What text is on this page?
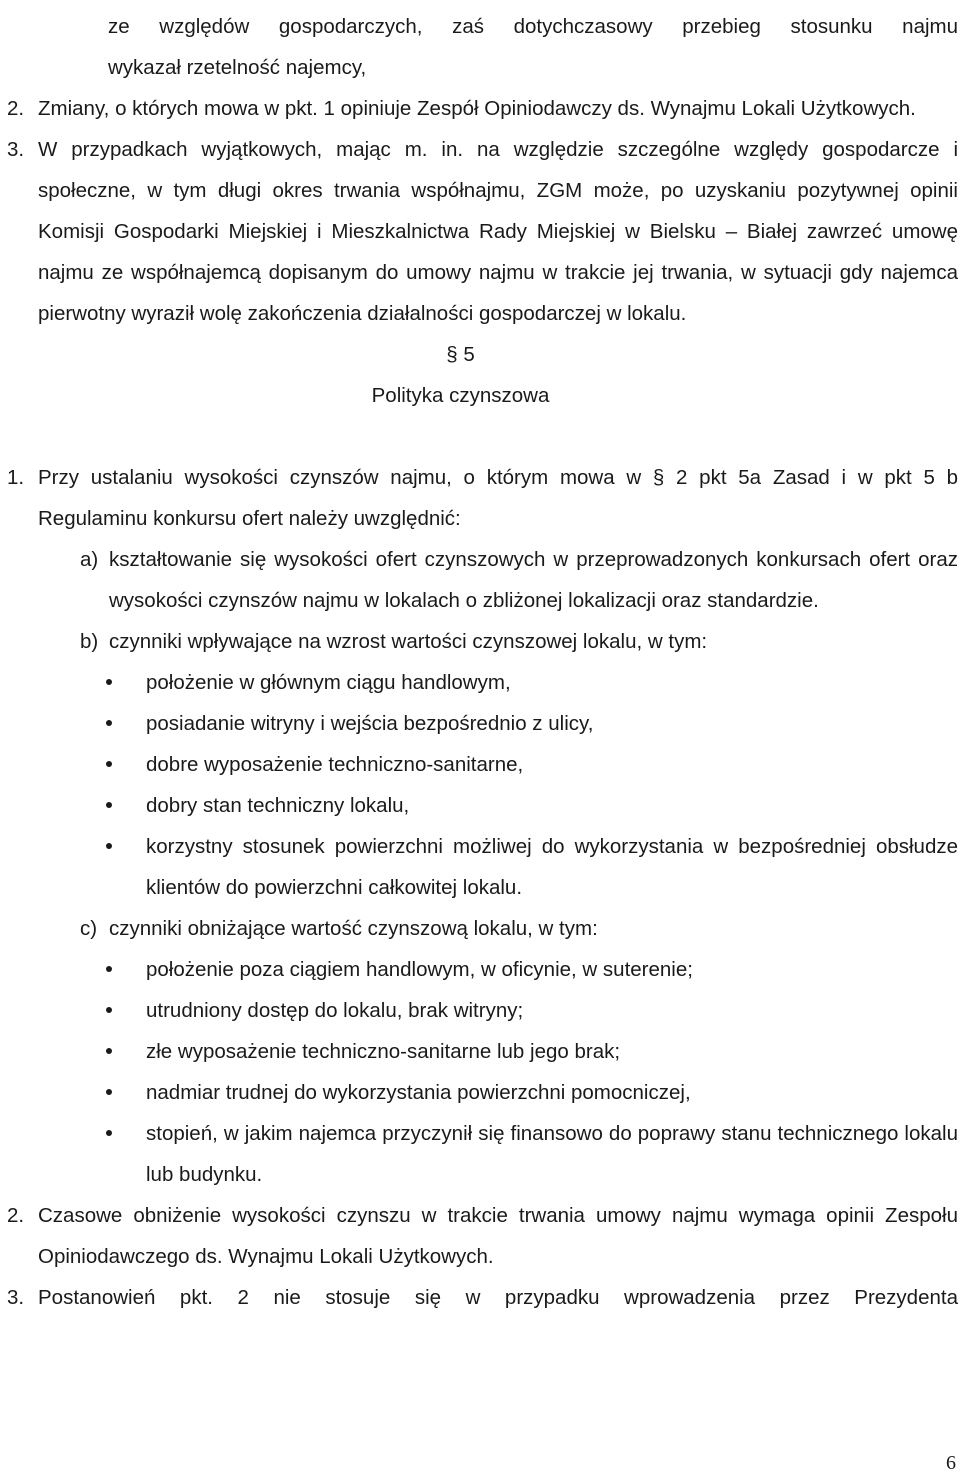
ze względów gospodarczych, zaś dotychczasowy przebieg stosunku najmu
wykazał rzetelność najemcy,
2. Zmiany, o których mowa w pkt. 1 opiniuje Zespół Opiniodawczy ds. Wynajmu Lokali Użytkowych.
3. W przypadkach wyjątkowych, mając m. in. na względzie szczególne względy gospodarcze i społeczne, w tym długi okres trwania współnajmu, ZGM może, po uzyskaniu pozytywnej opinii Komisji Gospodarki Miejskiej i Mieszkalnictwa Rady Miejskiej w Bielsku – Białej zawrzeć umowę najmu ze współnajemcą dopisanym do umowy najmu w trakcie jej trwania, w sytuacji gdy najemca pierwotny wyraził wolę zakończenia działalności gospodarczej w lokalu.
§ 5
Polityka czynszowa
1. Przy ustalaniu wysokości czynszów najmu, o którym mowa w § 2 pkt 5a Zasad i w pkt 5 b Regulaminu konkursu ofert należy uwzględnić:
a) kształtowanie się wysokości ofert czynszowych w przeprowadzonych konkursach ofert oraz wysokości czynszów najmu w lokalach o zbliżonej lokalizacji oraz standardzie.
b) czynniki wpływające na wzrost wartości czynszowej lokalu, w tym:
położenie w głównym ciągu handlowym,
posiadanie witryny i wejścia bezpośrednio z ulicy,
dobre wyposażenie techniczno-sanitarne,
dobry stan techniczny lokalu,
korzystny stosunek powierzchni możliwej do wykorzystania w bezpośredniej obsłudze klientów do powierzchni całkowitej lokalu.
c) czynniki obniżające wartość czynszową lokalu, w tym:
położenie poza ciągiem handlowym, w oficynie, w suterenie;
utrudniony dostęp do lokalu, brak witryny;
złe wyposażenie techniczno-sanitarne lub jego brak;
nadmiar trudnej do wykorzystania powierzchni pomocniczej,
stopień, w jakim najemca przyczynił się finansowo do poprawy stanu technicznego lokalu lub budynku.
2. Czasowe obniżenie wysokości czynszu w trakcie trwania umowy najmu wymaga opinii Zespołu Opiniodawczego ds. Wynajmu Lokali Użytkowych.
3. Postanowień pkt. 2 nie stosuje się w przypadku wprowadzenia przez Prezydenta
6
